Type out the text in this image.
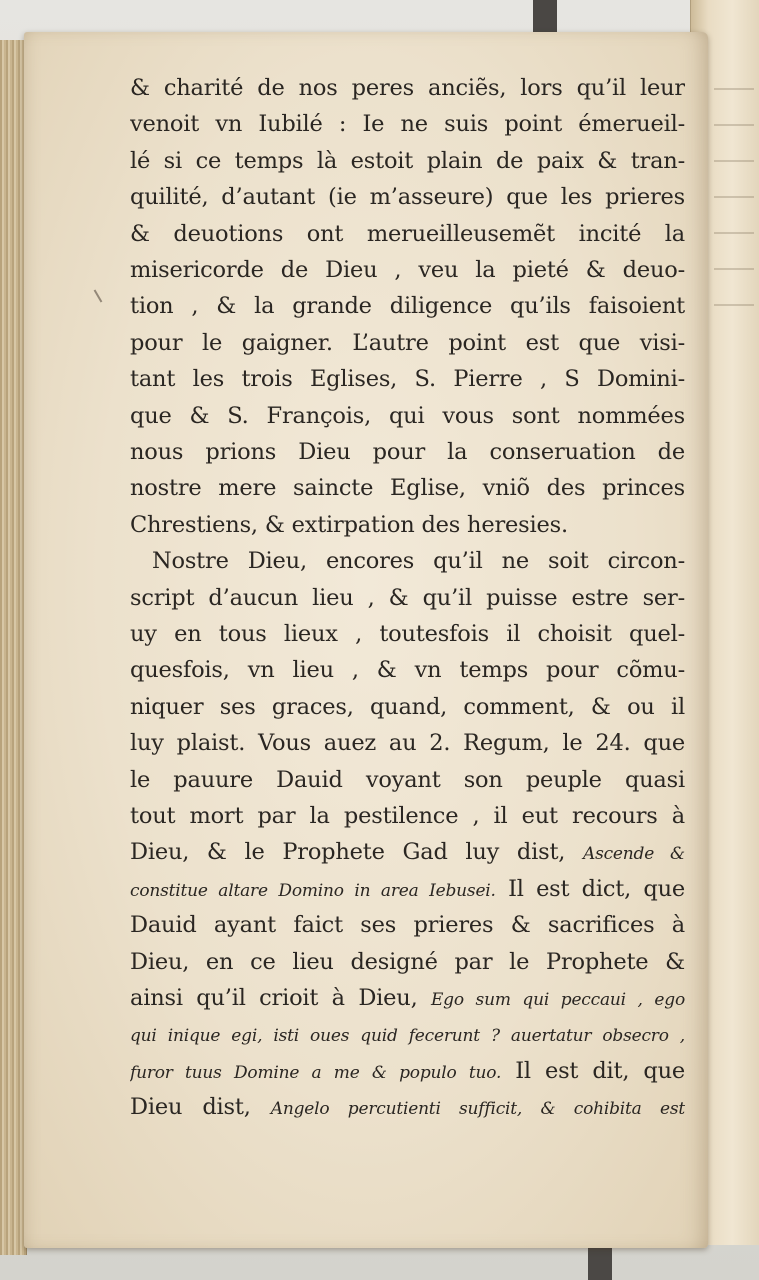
& charité de nos peres anciẽs, lors qu’il leur
venoit vn Iubilé : Ie ne suis point émerueil-
lé si ce temps là estoit plain de paix & tran-
quilité, d’autant (ie m’asseure) que les prieres
& deuotions ont merueilleusemẽt incité la
misericorde de Dieu , veu la pieté & deuo-
tion , & la grande diligence qu’ils faisoient
pour le gaigner. L’autre point est que visi-
tant les trois Eglises, S. Pierre , S Domini-
que & S. François, qui vous sont nommées
nous prions Dieu pour la conseruation de
nostre mere saincte Eglise, vniõ des princes
Chrestiens, & extirpation des heresies.
Nostre Dieu, encores qu’il ne soit circon-
script d’aucun lieu , & qu’il puisse estre ser-
uy en tous lieux , toutesfois il choisit quel-
quesfois, vn lieu , & vn temps pour cõmu-
niquer ses graces, quand, comment, & ou il
luy plaist. Vous auez au 2. Regum, le 24. que
le pauure Dauid voyant son peuple quasi
tout mort par la pestilence , il eut recours à
Dieu, & le Prophete Gad luy dist, Ascende &
constitue altare Domino in area Iebusei. Il est dict, que
Dauid ayant faict ses prieres & sacrifices à
Dieu, en ce lieu designé par le Prophete &
ainsi qu’il crioit à Dieu, Ego sum qui peccaui , ego
qui inique egi, isti oues quid fecerunt ? auertatur obsecro ,
furor tuus Domine a me & populo tuo. Il est dit, que
Dieu dist, Angelo percutienti sufficit, & cohibita est
